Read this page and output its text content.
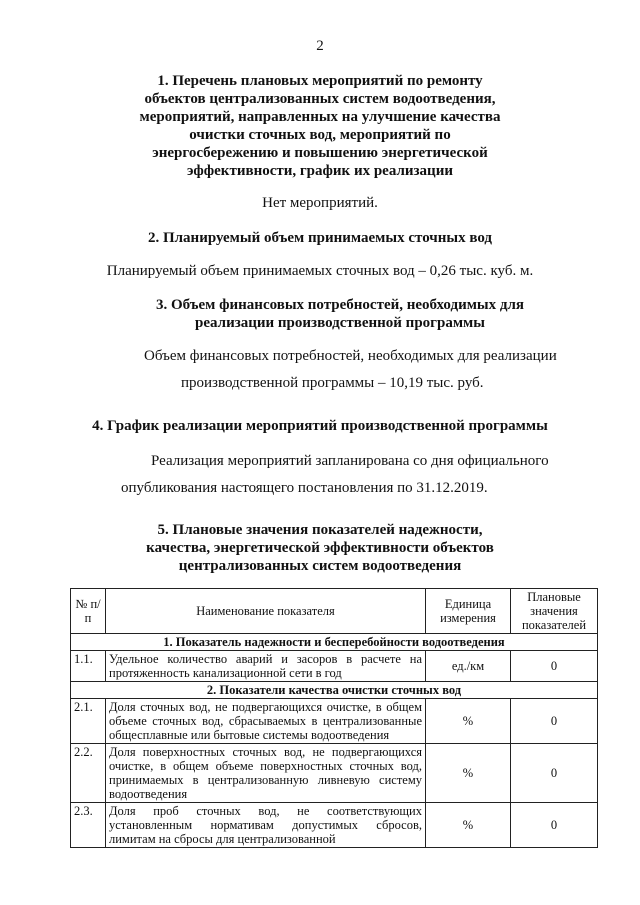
2
1. Перечень плановых мероприятий по ремонту
объектов централизованных систем водоотведения,
мероприятий, направленных на улучшение качества
очистки сточных вод, мероприятий по
энергосбережению и повышению энергетической
эффективности, график их реализации
Нет мероприятий.
2. Планируемый объем принимаемых сточных вод
Планируемый объем принимаемых сточных вод – 0,26 тыс. куб. м.
3. Объем финансовых потребностей, необходимых для
реализации производственной программы
Объем финансовых потребностей, необходимых для реализации
производственной программы – 10,19 тыс. руб.
4. График реализации мероприятий производственной программы
Реализация мероприятий запланирована со дня официального
опубликования настоящего постановления по 31.12.2019.
5. Плановые значения показателей надежности,
качества, энергетической эффективности объектов
централизованных систем водоотведения
№ п/п	Наименование показателя	Единица измерения	Плановые значения показателей
1. Показатель надежности и бесперебойности водоотведения			
1.1.	Удельное количество аварий и засоров в расчете на протяженность канализационной сети в год	ед./км	0
2. Показатели качества очистки сточных вод			
2.1.	Доля сточных вод, не подвергающихся очистке, в общем объеме сточных вод, сбрасываемых в централизованные общесплавные или бытовые системы водоотведения	%	0
2.2.	Доля поверхностных сточных вод, не подвергающихся очистке, в общем объеме поверхностных сточных вод, принимаемых в централизованную ливневую систему водоотведения	%	0
2.3.	Доля проб сточных вод, не соответствующих установленным нормативам допустимых сбросов, лимитам на сбросы для централизованной	%	0
